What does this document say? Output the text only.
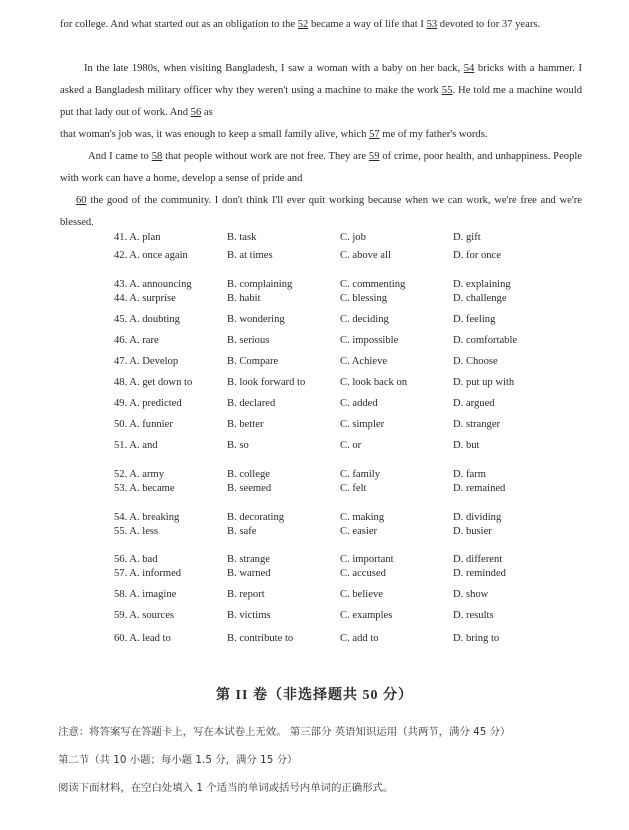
for college. And what started out as an obligation to the 52 became a way of life that I 53 devoted to for 37 years.
In the late 1980s, when visiting Bangladesh, I saw a woman with a baby on her back, 54 bricks with a hammer. I asked a Bangladesh military officer why they weren't using a machine to make the work 55. He told me a machine would put that lady out of work. And 56 as
that woman's job was, it was enough to keep a small family alive, which 57 me of my father's words.
And I came to 58 that people without work are not free. They are 59 of crime, poor health, and unhappiness. People with work can have a home, develop a sense of pride and
60 the good of the community. I don't think I'll ever quit working because when we can work, we're free and we're blessed.
41. A. plan	B. task	C. job	D. gift
42. A. once again	B. at times	C. above all	D. for once
43. A. announcing	B. complaining	C. commenting	D. explaining
44. A. surprise	B. habit	C. blessing	D. challenge
45. A. doubting	B. wondering	C. deciding	D. feeling
46. A. rare	B. serious	C. impossible	D. comfortable
47. A. Develop	B. Compare	C. Achieve	D. Choose
48. A. get down to	B. look forward to	C. look back on	D. put up with
49. A. predicted	B. declared	C. added	D. argued
50. A. funnier	B. better	C. simpler	D. stranger
51. A. and	B. so	C. or	D. but
52. A. army	B. college	C. family	D. farm
53. A. became	B. seemed	C. felt	D. remained
54. A. breaking	B. decorating	C. making	D. dividing
55. A. less	B. safe	C. easier	D. busier
56. A. bad	B. strange	C. important	D. different
57. A. informed	B. warned	C. accused	D. reminded
58. A. imagine	B. report	C. believe	D. show
59. A. sources	B. victims	C. examples	D. results
60. A. lead to	B. contribute to	C. add to	D. bring to
第 II 卷（非选择题共 50 分）
注意：将答案写在答题卡上，写在本试卷上无效。 第三部分 英语知识运用（共两节，满分 45 分）
第二节（共 10 小题；每小题 1.5 分，满分 15 分）
阅读下面材料，在空白处填入 1 个适当的单词或括号内单词的正确形式。
